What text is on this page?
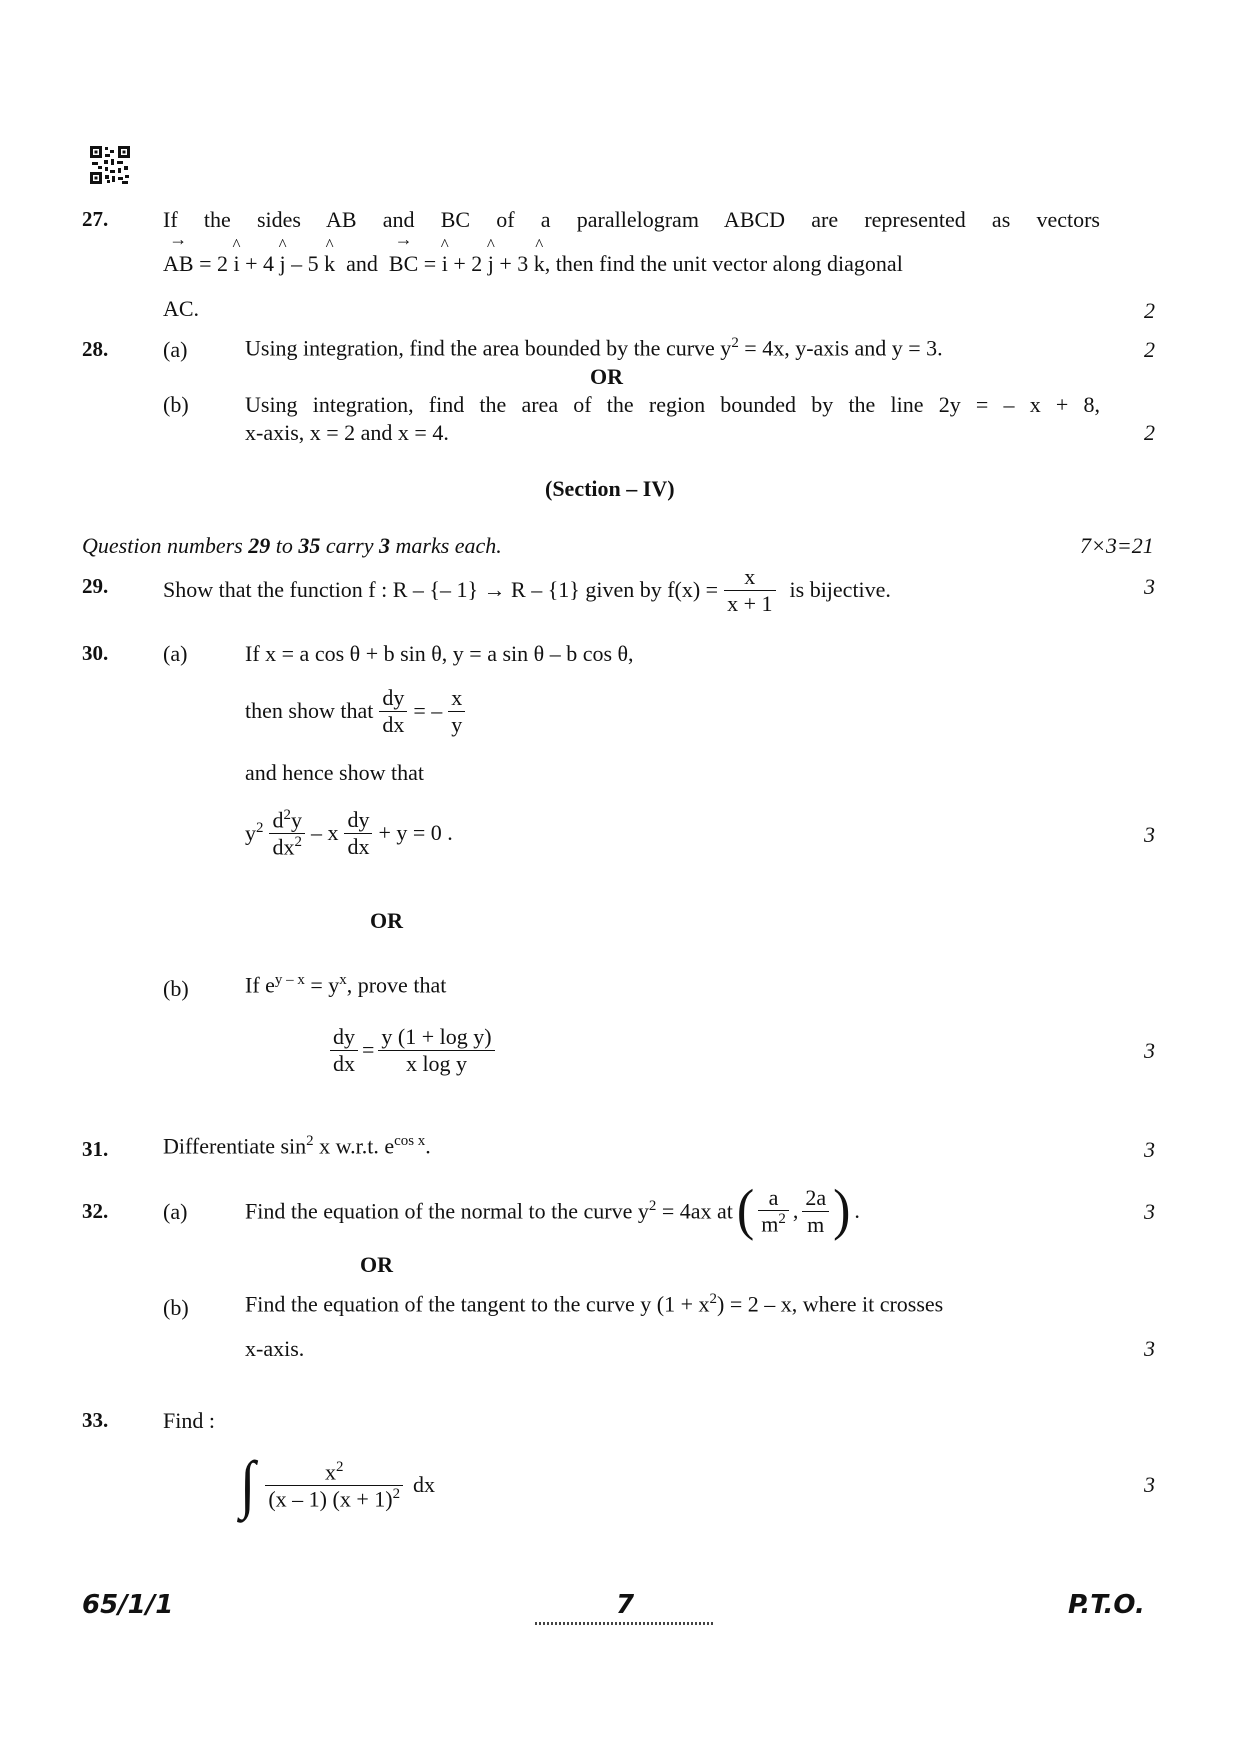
27. If the sides AB and BC of a parallelogram ABCD are represented as vectors
→ AB = 2 ^ i + 4 ^ j – 5 ^ k and → BC = ^ i + 2 ^ j + 3 ^ k, then find the unit vector along diagonal
AC.	2
28. (a)	Using integration, find the area bounded by the curve $y^2 = 4x$, y-axis and y = 3.	2
OR
(b)	Using integration, find the area of the region bounded by the line 2y = – x + 8,
x-axis, x = 2 and x = 4.	2
(Section – IV)
Question numbers 29 to 35 carry 3 marks each.	7×3=21
29. Show that the function f : R – {– 1} → R – {1} given by $f(x) = \frac{x}{x + 1}$ is bijective.	3
30. (a)	If x = a cos θ + b sin θ, y = a sin θ – b cos θ,
then show that $\frac{dy}{dx}$ = – $\frac{x}{y}$
and hence show that
$y^2 \frac{d^2y}{dx^2} - x \frac{dy}{dx} + y = 0$ .	3
OR
(b)	If $e^{y - x} = y^x$, prove that
$\frac{dy}{dx} = \frac{\text{y (1 + log y)}}{\text{x log y}}$	3
31. Differentiate $\sin^2 x$ w.r.t. $e^{cos x}$.	3
32. (a)	Find the equation of the normal to the curve $y^2 = 4ax$ at ( $\frac{a}{m^2}$ , $\frac{2a}{m}$ ) .	3
OR
(b)	Find the equation of the tangent to the curve y $(1 + x^2) = 2 - x$, where it crosses
x-axis.	3
33. Find :
∫ $\frac{x^2}{(x - 1) (x + 1)^2}$ dx	3
65/1/1	7	P.T.O.
